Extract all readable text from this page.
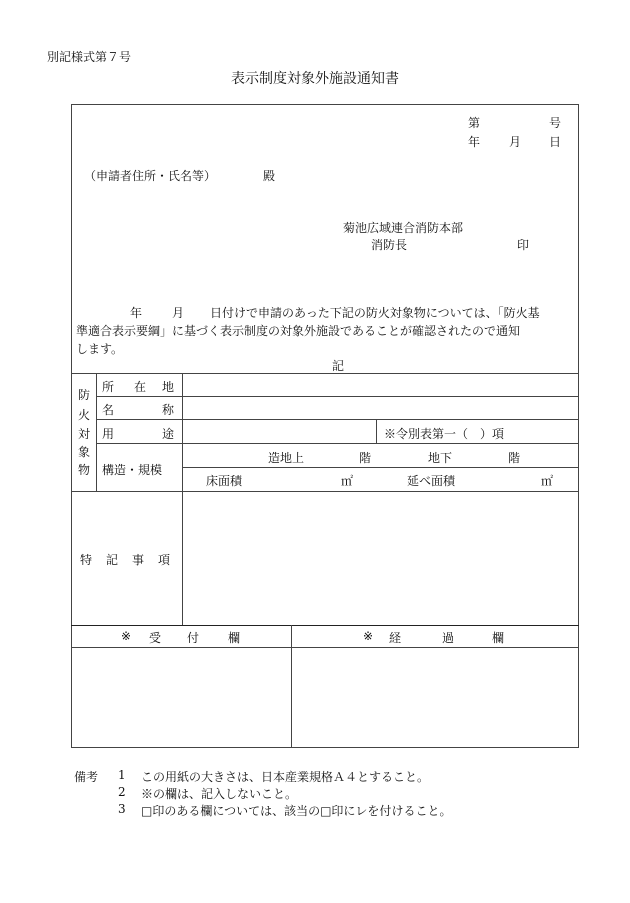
別記様式第７号
表示制度対象外施設通知書
第	号
年 月 日
（申請者住所・氏名等）	殿
菊池広域連合消防本部
消防長	印
年 月 日付けで申請のあった下記の防火対象物については、「防火基
準適合表示要綱」に基づく表示制度の対象外施設であることが確認されたので通知
します。
記
防
火
対
象
物
所 在 地
名	称
用	途	※令別表第一（　）項
構造・規模
造地上	階	地下	階
床面積	㎡	延べ面積	㎡
特 記 事 項
※ 受 付 欄	※ 経	過	欄
備考 1 この用紙の大きさは、日本産業規格Ａ４とすること。
2 ※の欄は、記入しないこと。
3 □印のある欄については、該当の□印にレを付けること。
